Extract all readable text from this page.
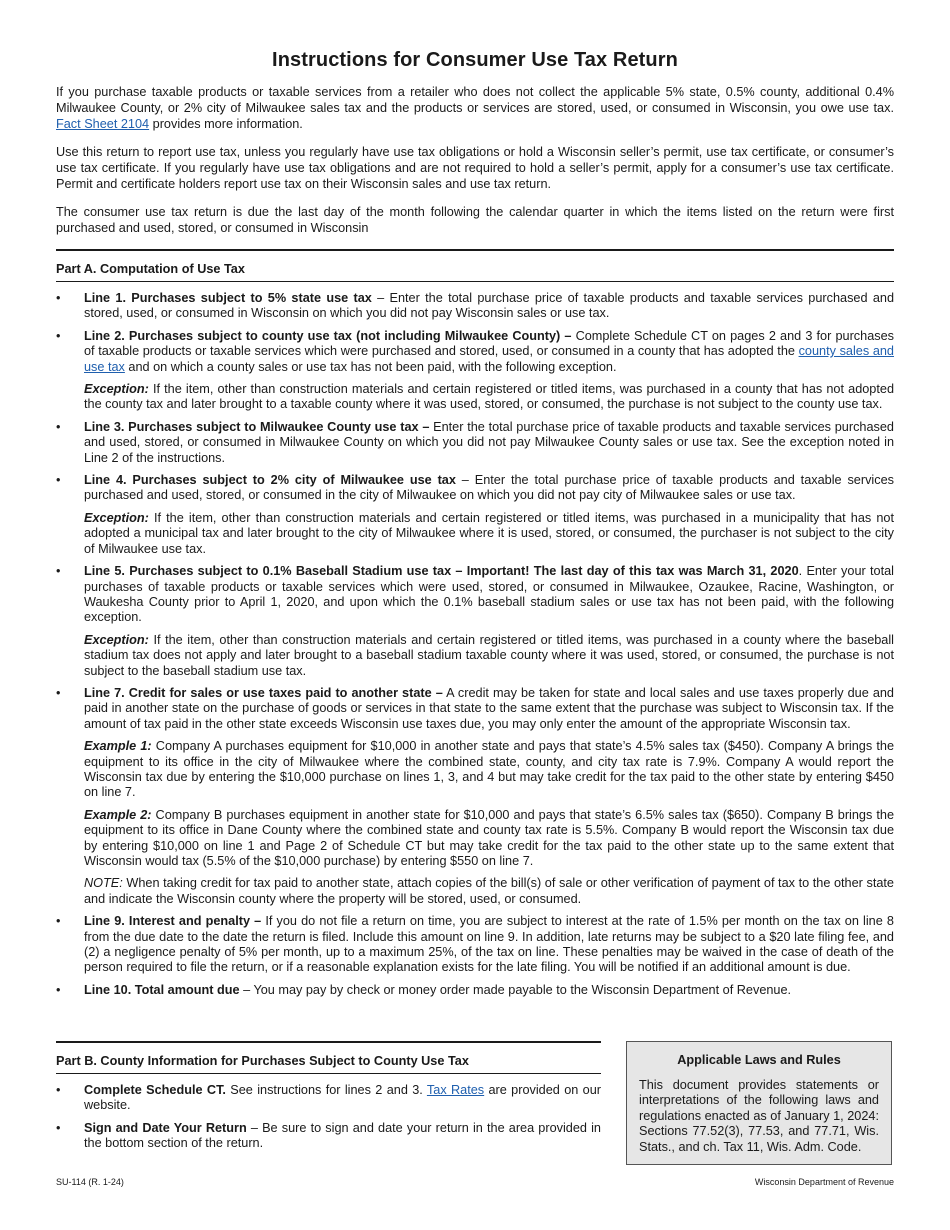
Instructions for Consumer Use Tax Return

If you purchase taxable products or taxable services from a retailer who does not collect the applicable 5% state, 0.5% county, additional 0.4% Milwaukee County, or 2% city of Milwaukee sales tax and the products or services are stored, used, or consumed in Wisconsin, you owe use tax. Fact Sheet 2104 provides more information.

Use this return to report use tax, unless you regularly have use tax obligations or hold a Wisconsin seller’s permit, use tax certificate, or consumer’s use tax certificate. If you regularly have use tax obligations and are not required to hold a seller’s permit, apply for a consumer’s use tax certificate. Permit and certificate holders report use tax on their Wisconsin sales and use tax return.

The consumer use tax return is due the last day of the month following the calendar quarter in which the items listed on the return were first purchased and used, stored, or consumed in Wisconsin

Part A. Computation of Use Tax
• Line 1. Purchases subject to 5% state use tax – Enter the total purchase price of taxable products and taxable services purchased and stored, used, or consumed in Wisconsin on which you did not pay Wisconsin sales or use tax.

• Line 2. Purchases subject to county use tax (not including Milwaukee County) – Complete Schedule CT on pages 2 and 3 for purchases of taxable products or taxable services which were purchased and stored, used, or consumed in a county that has adopted the county sales and use tax and on which a county sales or use tax has not been paid, with the following exception.

Exception: If the item, other than construction materials and certain registered or titled items, was purchased in a county that has not adopted the county tax and later brought to a taxable county where it was used, stored, or consumed, the purchase is not subject to the county use tax.

• Line 3. Purchases subject to Milwaukee County use tax – Enter the total purchase price of taxable products and taxable services purchased and used, stored, or consumed in Milwaukee County on which you did not pay Milwaukee County sales or use tax. See the exception noted in Line 2 of the instructions.

• Line 4. Purchases subject to 2% city of Milwaukee use tax – Enter the total purchase price of taxable products and taxable services purchased and used, stored, or consumed in the city of Milwaukee on which you did not pay city of Milwaukee sales or use tax.

Exception: If the item, other than construction materials and certain registered or titled items, was purchased in a municipality that has not adopted a municipal tax and later brought to the city of Milwaukee where it is used, stored, or consumed, the purchaser is not subject to the city of Milwaukee use tax.

• Line 5. Purchases subject to 0.1% Baseball Stadium use tax – Important! The last day of this tax was March 31, 2020. Enter your total purchases of taxable products or taxable services which were used, stored, or consumed in Milwaukee, Ozaukee, Racine, Washington, or Waukesha County prior to April 1, 2020, and upon which the 0.1% baseball stadium sales or use tax has not been paid, with the following exception.

Exception: If the item, other than construction materials and certain registered or titled items, was purchased in a county where the baseball stadium tax does not apply and later brought to a baseball stadium taxable county where it was used, stored, or consumed, the purchase is not subject to the baseball stadium use tax.

• Line 7. Credit for sales or use taxes paid to another state – A credit may be taken for state and local sales and use taxes properly due and paid in another state on the purchase of goods or services in that state to the same extent that the purchase was subject to Wisconsin tax. If the amount of tax paid in the other state exceeds Wisconsin use taxes due, you may only enter the amount of the appropriate Wisconsin tax.

Example 1: Company A purchases equipment for $10,000 in another state and pays that state’s 4.5% sales tax ($450). Company A brings the equipment to its office in the city of Milwaukee where the combined state, county, and city tax rate is 7.9%. Company A would report the Wisconsin tax due by entering the $10,000 purchase on lines 1, 3, and 4 but may take credit for the tax paid to the other state by entering $450 on line 7.

Example 2: Company B purchases equipment in another state for $10,000 and pays that state’s 6.5% sales tax ($650). Company B brings the equipment to its office in Dane County where the combined state and county tax rate is 5.5%. Company B would report the Wisconsin tax due by entering $10,000 on line 1 and Page 2 of Schedule CT but may take credit for the tax paid to the other state up to the same extent that Wisconsin would tax (5.5% of the $10,000 purchase) by entering $550 on line 7.

NOTE: When taking credit for tax paid to another state, attach copies of the bill(s) of sale or other verification of payment of tax to the other state and indicate the Wisconsin county where the property will be stored, used, or consumed.

• Line 9. Interest and penalty – If you do not file a return on time, you are subject to interest at the rate of 1.5% per month on the tax on line 8 from the due date to the date the return is filed. Include this amount on line 9. In addition, late returns may be subject to a $20 late filing fee, and (2) a negligence penalty of 5% per month, up to a maximum 25%, of the tax on line. These penalties may be waived in the case of death of the person required to file the return, or if a reasonable explanation exists for the late filing. You will be notified if an additional amount is due.

• Line 10. Total amount due – You may pay by check or money order made payable to the Wisconsin Department of Revenue.

Part B. County Information for Purchases Subject to County Use Tax
• Complete Schedule CT. See instructions for lines 2 and 3. Tax Rates are provided on our website.

• Sign and Date Your Return – Be sure to sign and date your return in the area provided in the bottom section of the return.

Applicable Laws and Rules

This document provides statements or interpretations of the following laws and regulations enacted as of January 1, 2024: Sections 77.52(3), 77.53, and 77.71, Wis. Stats., and ch. Tax 11, Wis. Adm. Code.

SU-114 (R. 1-24)	Wisconsin Department of Revenue
